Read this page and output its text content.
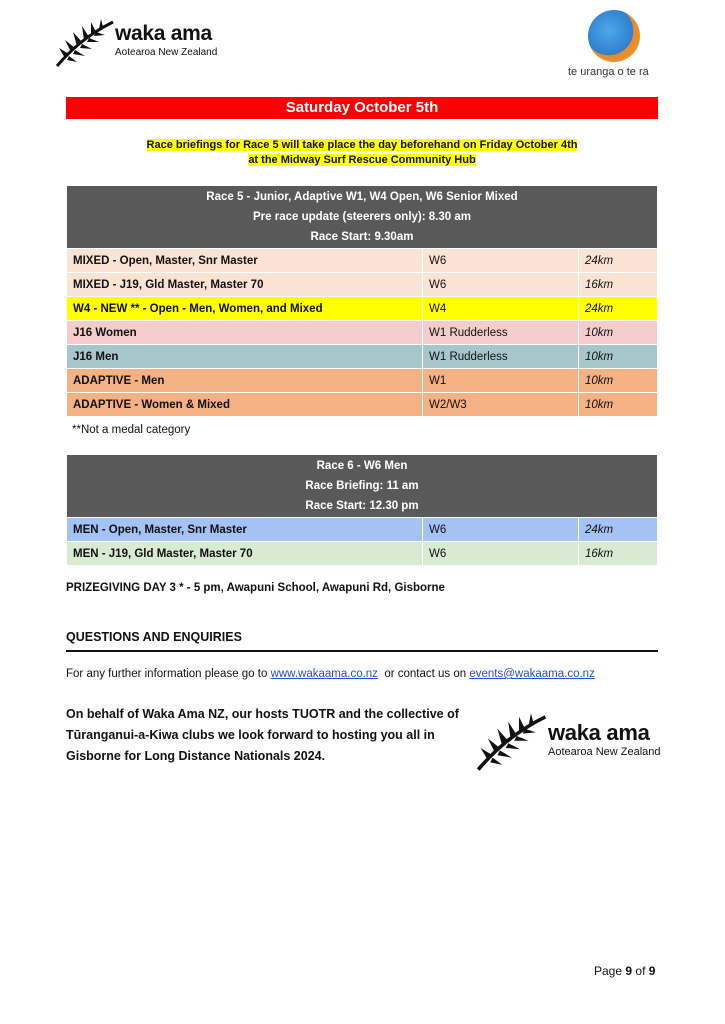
waka ama
Aotearoa New Zealand
te uranga o te ra
Saturday October 5th
Race briefings for Race 5 will take place the day beforehand on Friday October 4th
at the Midway Surf Rescue Community Hub
Race 5 - Junior, Adaptive W1, W4 Open, W6 Senior Mixed
Pre race update (steerers only): 8.30 am
Race Start: 9.30am		
MIXED - Open, Master, Snr Master	W6	24km
MIXED - J19, Gld Master, Master 70	W6	16km
W4 - NEW ** - Open - Men, Women, and Mixed	W4	24km
J16 Women	W1 Rudderless	10km
J16 Men	W1 Rudderless	10km
ADAPTIVE - Men	W1	10km
ADAPTIVE - Women & Mixed	W2/W3	10km
**Not a medal category
Race 6 - W6 Men
Race Briefing: 11 am
Race Start: 12.30 pm		
MEN - Open, Master, Snr Master	W6	24km
MEN - J19, Gld Master, Master 70	W6	16km
PRIZEGIVING DAY 3 * - 5 pm, Awapuni School, Awapuni Rd, Gisborne
QUESTIONS AND ENQUIRIES
For any further information please go to www.wakaama.co.nz or contact us on events@wakaama.co.nz
On behalf of Waka Ama NZ, our hosts TUOTR and the collective of Tūranganui-a-Kiwa clubs we look forward to hosting you all in Gisborne for Long Distance Nationals 2024.
waka ama
Aotearoa New Zealand
Page 9 of 9
